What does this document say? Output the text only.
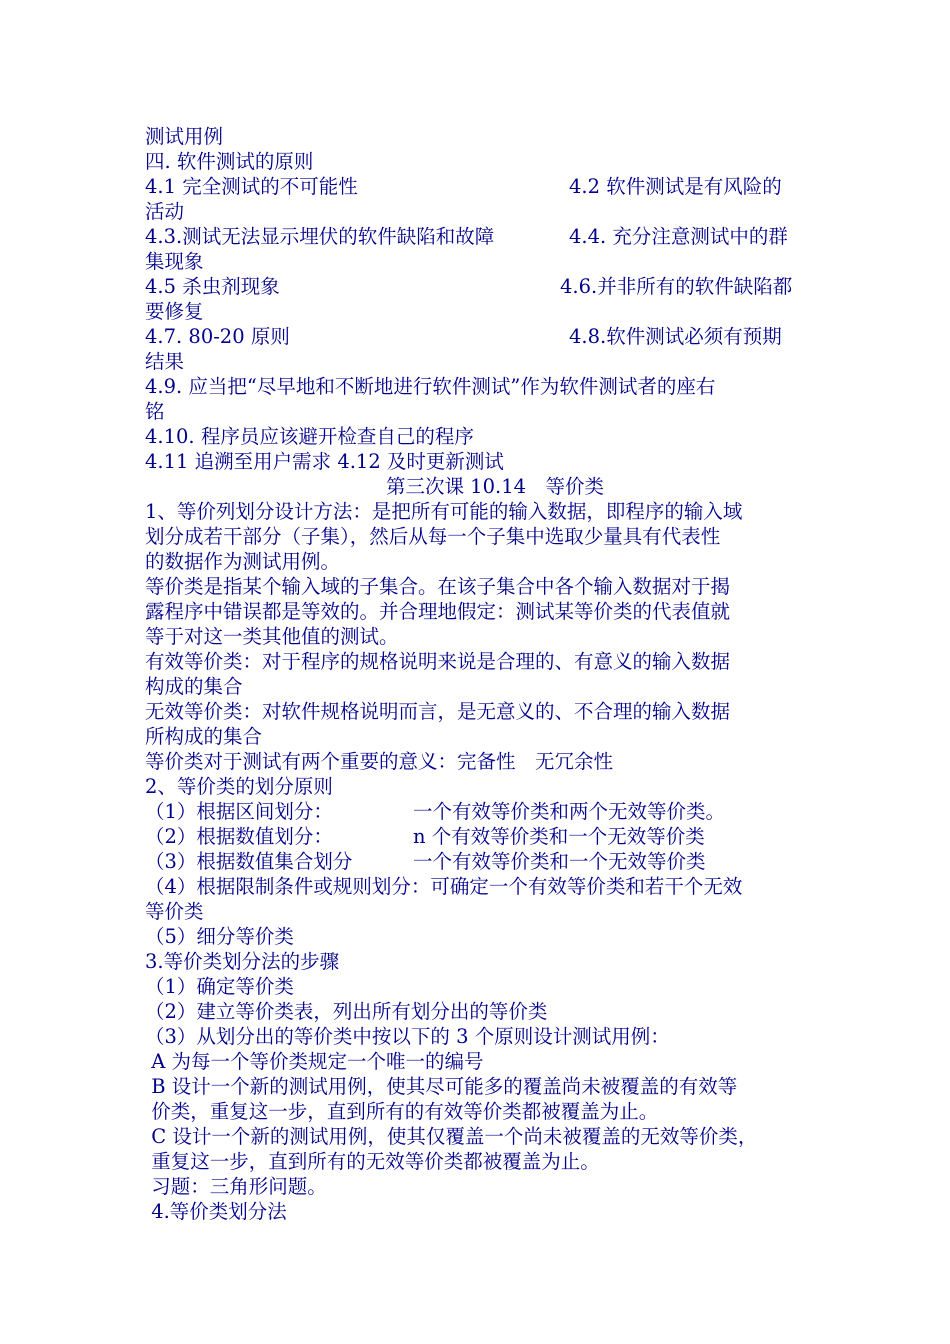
测试用例
四. 软件测试的原则
4.1 完全测试的不可能性	4.2 软件测试是有风险的
活动
4.3.测试无法显示埋伏的软件缺陷和故障	4.4. 充分注意测试中的群
集现象
4.5 杀虫剂现象	4.6.并非所有的软件缺陷都
要修复
4.7. 80-20 原则	4.8.软件测试必须有预期
结果
4.9. 应当把“尽早地和不断地进行软件测试”作为软件测试者的座右
铭
4.10. 程序员应该避开检查自己的程序
4.11 追溯至用户需求 4.12 及时更新测试
第三次课 10.14　等价类
1、等价列划分设计方法：是把所有可能的输入数据，即程序的输入域
划分成若干部分（子集），然后从每一个子集中选取少量具有代表性
的数据作为测试用例。
等价类是指某个输入域的子集合。在该子集合中各个输入数据对于揭
露程序中错误都是等效的。并合理地假定：测试某等价类的代表值就
等于对这一类其他值的测试。
有效等价类：对于程序的规格说明来说是合理的、有意义的输入数据
构成的集合
无效等价类：对软件规格说明而言，是无意义的、不合理的输入数据
所构成的集合
等价类对于测试有两个重要的意义：完备性　无冗余性
2、等价类的划分原则
（1）根据区间划分：	一个有效等价类和两个无效等价类。
（2）根据数值划分：	n 个有效等价类和一个无效等价类
（3）根据数值集合划分	一个有效等价类和一个无效等价类
（4）根据限制条件或规则划分：可确定一个有效等价类和若干个无效
等价类
（5）细分等价类
3.等价类划分法的步骤
（1）确定等价类
（2）建立等价类表，列出所有划分出的等价类
（3）从划分出的等价类中按以下的 3 个原则设计测试用例：
A 为每一个等价类规定一个唯一的编号
B 设计一个新的测试用例，使其尽可能多的覆盖尚未被覆盖的有效等
价类，重复这一步，直到所有的有效等价类都被覆盖为止。
C 设计一个新的测试用例，使其仅覆盖一个尚未被覆盖的无效等价类，
重复这一步，直到所有的无效等价类都被覆盖为止。
习题：三角形问题。
4.等价类划分法
